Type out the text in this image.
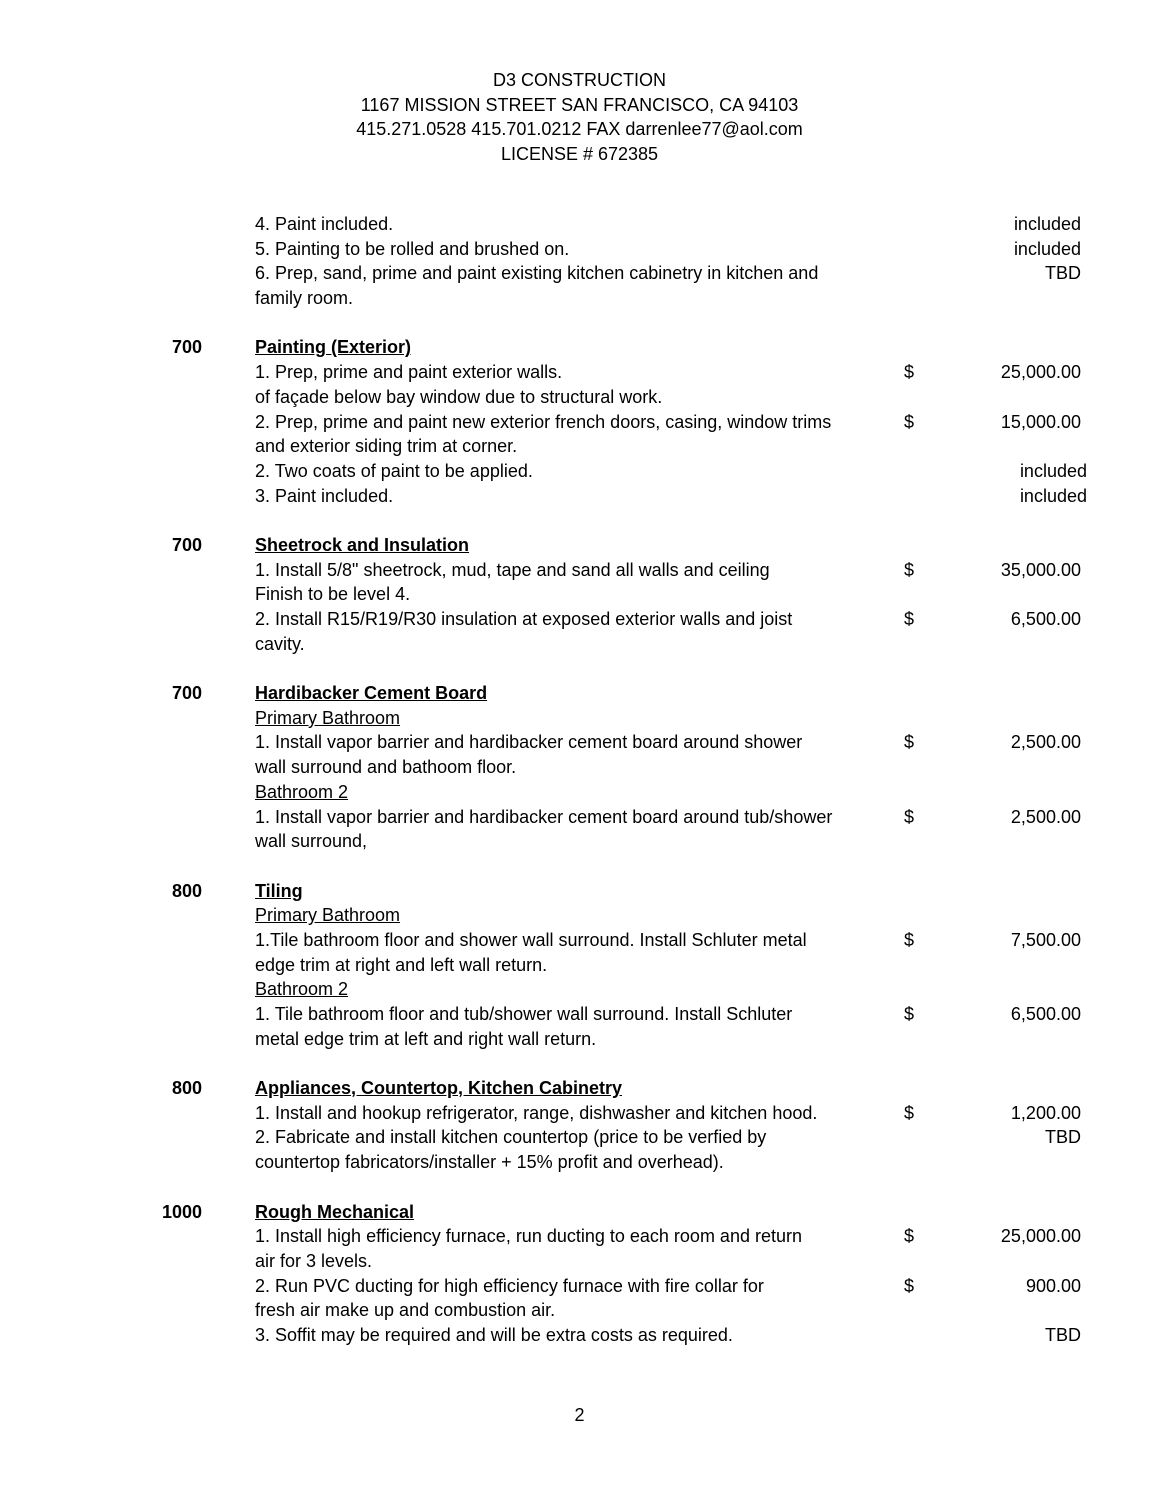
D3 CONSTRUCTION
1167 MISSION STREET SAN FRANCISCO, CA 94103
415.271.0528 415.701.0212 FAX darrenlee77@aol.com
LICENSE # 672385
4. Paint included.	included
5. Painting to be rolled and brushed on.	included
6. Prep, sand, prime and paint existing kitchen cabinetry in kitchen and	TBD
family room.
700	Painting (Exterior)
1. Prep, prime and paint exterior walls.	$	25,000.00
of façade below bay window due to structural work.
2. Prep, prime and paint new exterior french doors, casing, window trims	$	15,000.00
and exterior siding trim at corner.
2. Two coats of paint to be applied.	included
3. Paint included.	included
700	Sheetrock and Insulation
1. Install 5/8" sheetrock, mud, tape and sand all walls and ceiling	$	35,000.00
Finish to be level 4.
2. Install R15/R19/R30 insulation at exposed exterior walls and joist	$	6,500.00
cavity.
700	Hardibacker Cement Board
Primary Bathroom
1. Install vapor barrier and hardibacker cement board around shower	$	2,500.00
wall surround and bathoom floor.
Bathroom 2
1. Install vapor barrier and hardibacker cement board around tub/shower	$	2,500.00
wall surround,
800	Tiling
Primary Bathroom
1.Tile bathroom floor and shower wall surround. Install Schluter metal	$	7,500.00
edge trim at right and left wall return.
Bathroom 2
1. Tile bathroom floor and tub/shower wall surround. Install Schluter	$	6,500.00
metal edge trim at left and right wall return.
800	Appliances, Countertop, Kitchen Cabinetry
1. Install and hookup refrigerator, range, dishwasher and kitchen hood.	$	1,200.00
2. Fabricate and install kitchen countertop (price to be verfied by	TBD
countertop fabricators/installer + 15% profit and overhead).
1000	Rough Mechanical
1. Install high efficiency furnace, run ducting to each room and return	$	25,000.00
air for 3 levels.
2. Run PVC ducting for high efficiency furnace with fire collar for	$	900.00
fresh air make up and combustion air.
3. Soffit may be required and will be extra costs as required.	TBD
2
